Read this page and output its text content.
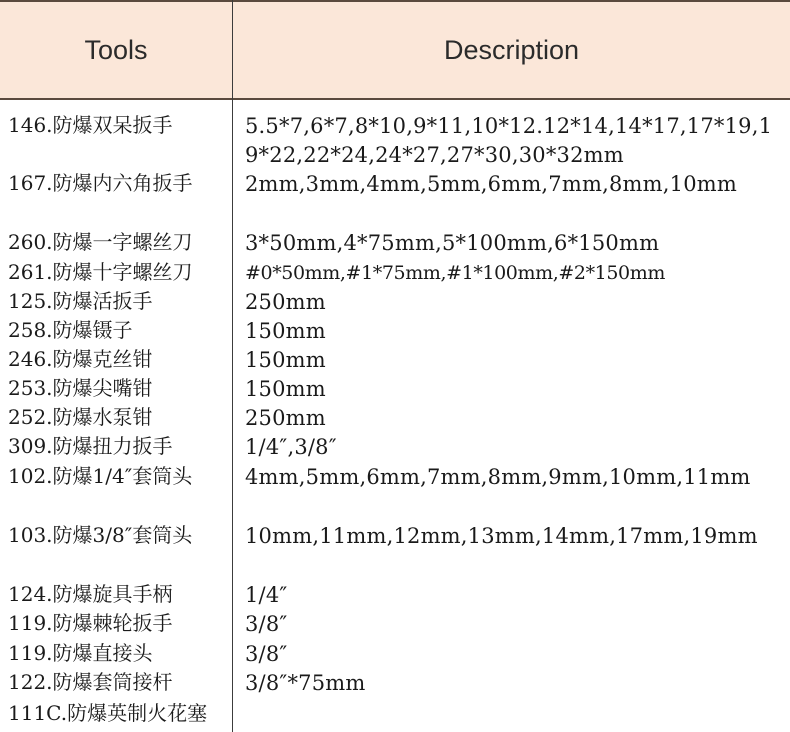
Tools	Description
146.防爆双呆扳手	5.5*7,6*7,8*10,9*11,10*12.12*14,14*17,17*19,19*22,22*24,24*27,27*30,30*32mm
167.防爆内六角扳手	2mm,3mm,4mm,5mm,6mm,7mm,8mm,10mm
260.防爆一字螺丝刀	3*50mm,4*75mm,5*100mm,6*150mm
261.防爆十字螺丝刀	#0*50mm,#1*75mm,#1*100mm,#2*150mm
125.防爆活扳手	250mm
258.防爆镊子	150mm
246.防爆克丝钳	150mm
253.防爆尖嘴钳	150mm
252.防爆水泵钳	250mm
309.防爆扭力扳手	1/4″,3/8″
102.防爆1/4″套筒头	4mm,5mm,6mm,7mm,8mm,9mm,10mm,11mm
103.防爆3/8″套筒头	10mm,11mm,12mm,13mm,14mm,17mm,19mm
124.防爆旋具手柄	1/4″
119.防爆棘轮扳手	3/8″
119.防爆直接头	3/8″
122.防爆套筒接杆	3/8″*75mm
111C.防爆英制火花塞
